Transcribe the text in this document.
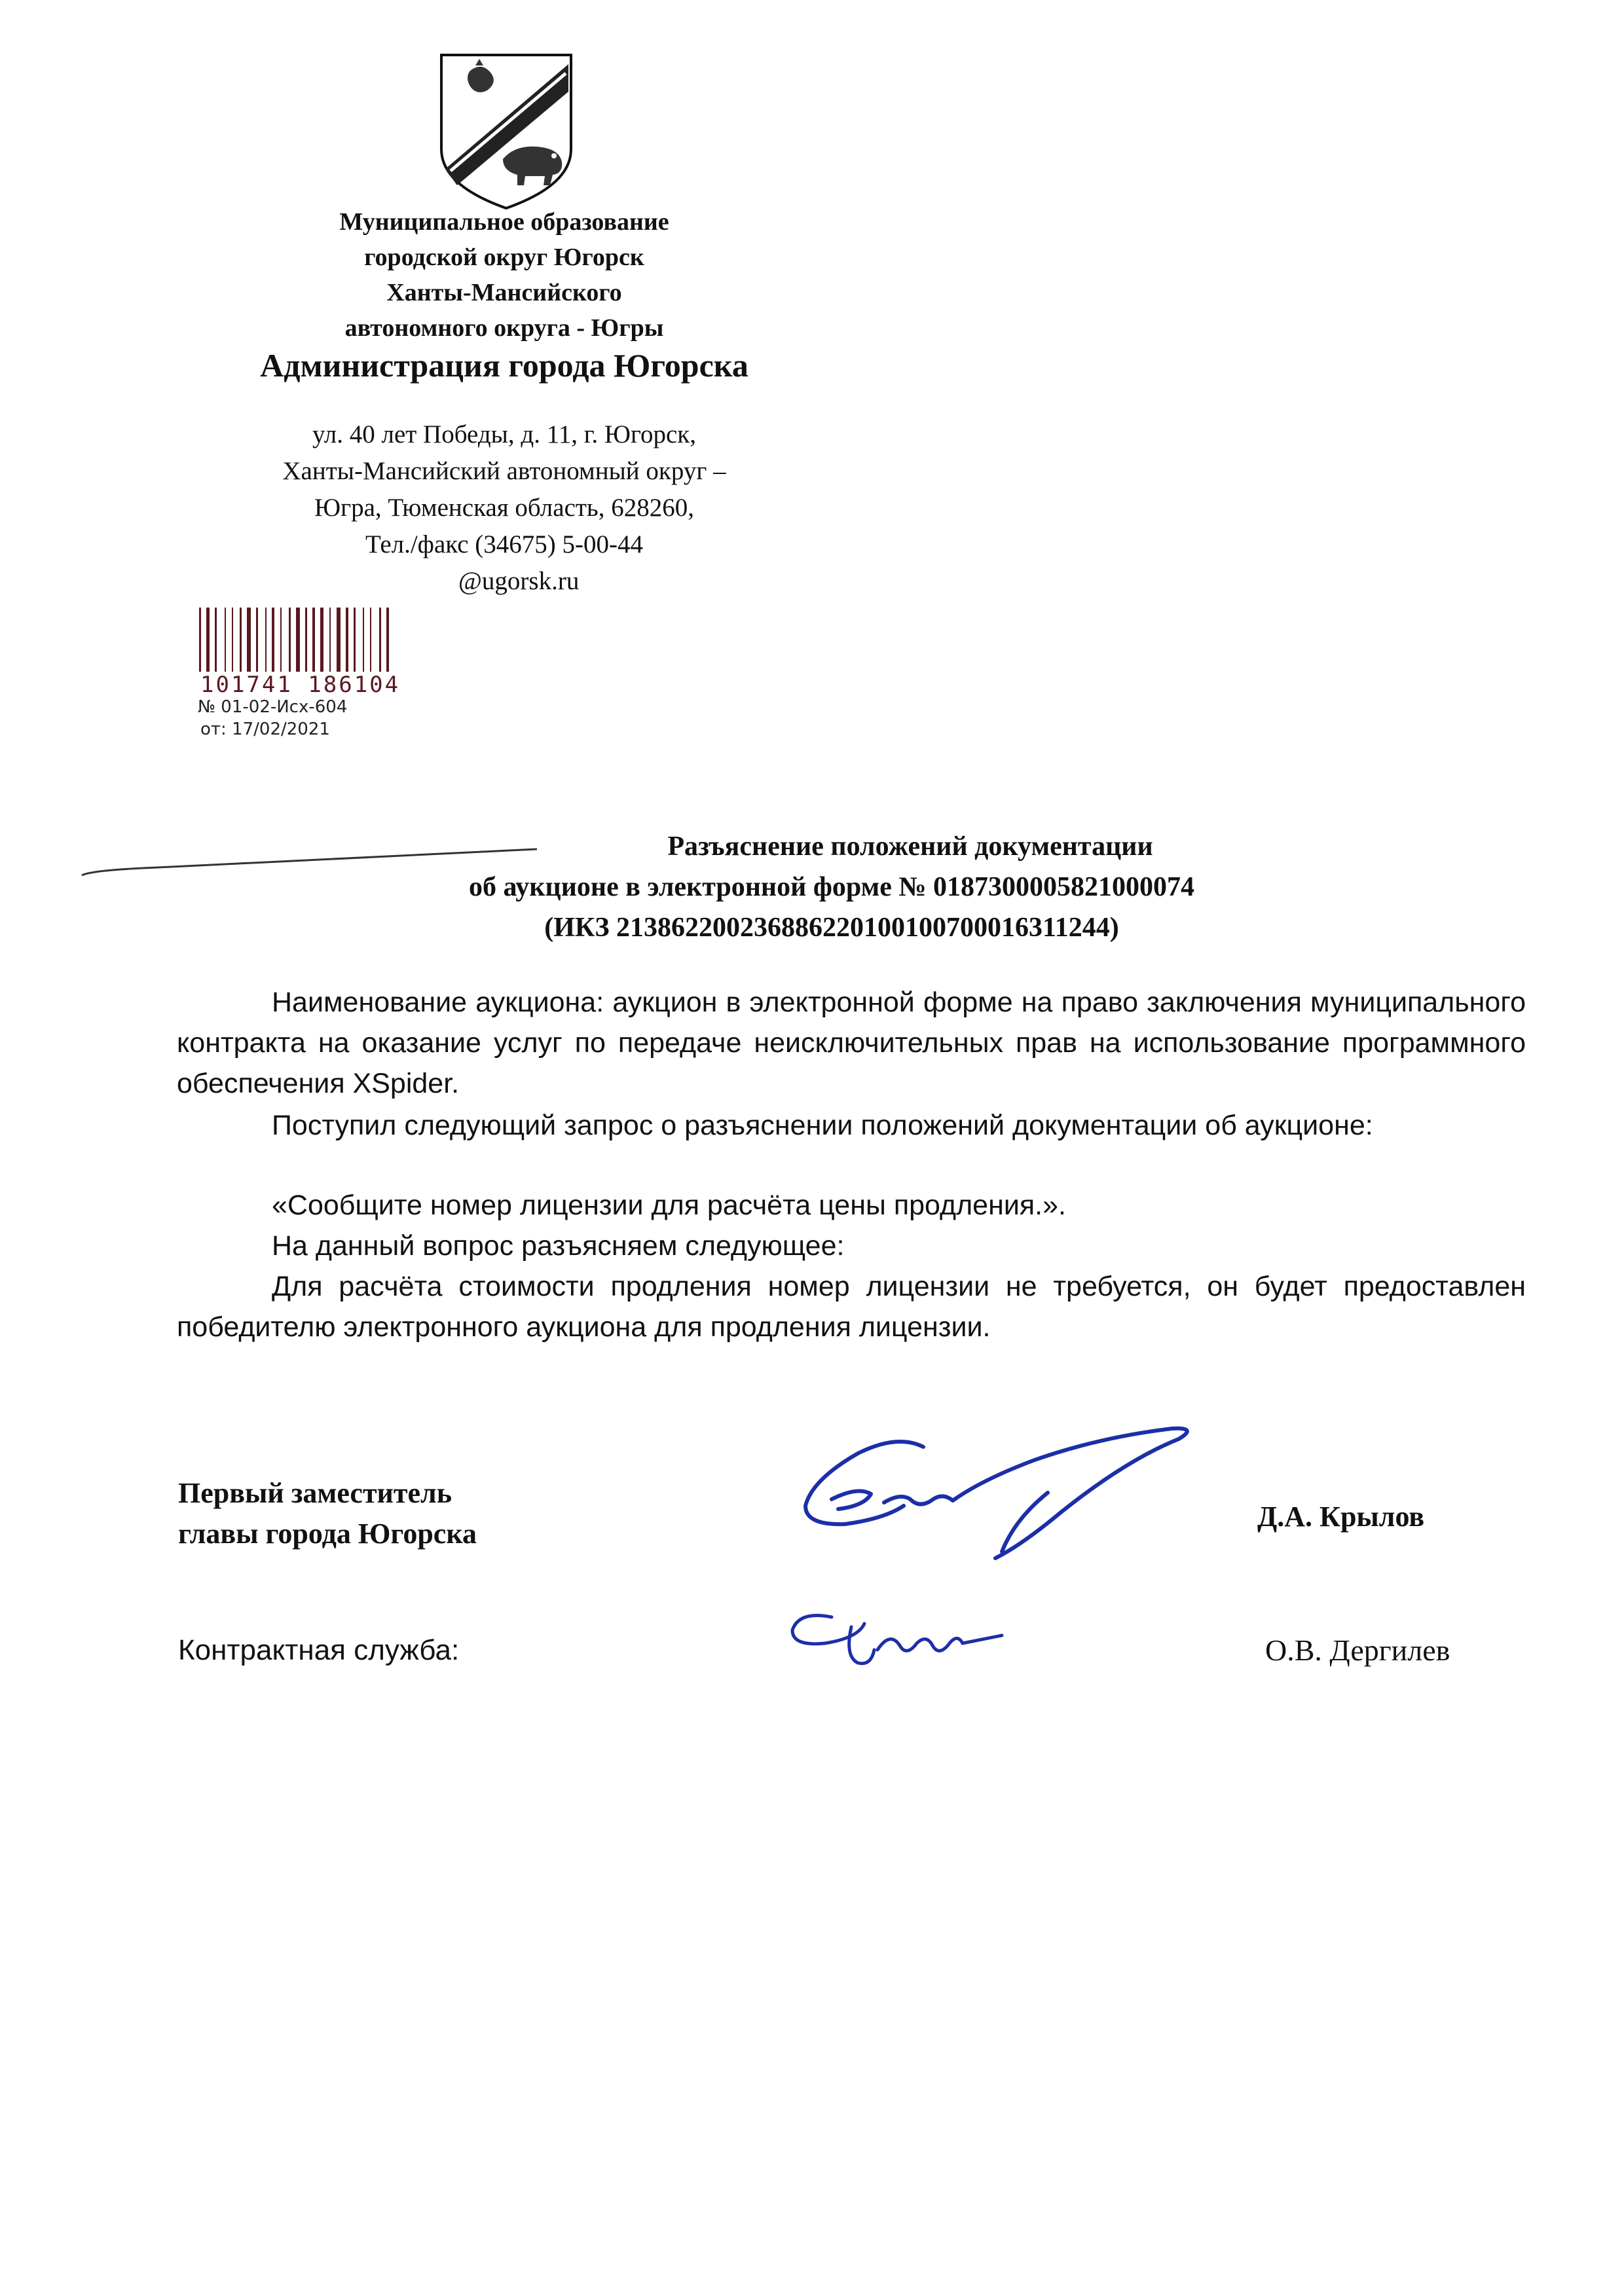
Муниципальное образование
городской округ Югорск
Ханты-Мансийского
автономного округа - Югры
Администрация города Югорска
ул. 40 лет Победы, д. 11, г. Югорск,
Ханты-Мансийский автономный округ –
Югра, Тюменская область, 628260,
Тел./факс (34675) 5-00-44
@ugorsk.ru
101741 186104
№ 01-02-Исх-604
от: 17/02/2021
Разъяснение положений документации
об аукционе в электронной форме № 0187300005821000074
(ИКЗ 213862200236886220100100700016311244)
Наименование аукциона: аукцион в электронной форме на право заключения муниципального контракта на оказание услуг по передаче неисключительных прав на использование программного обеспечения XSpider.
Поступил следующий запрос о разъяснении положений документации об аукционе:
«Сообщите номер лицензии для расчёта цены продления.».
На данный вопрос разъясняем следующее:
Для расчёта стоимости продления номер лицензии не требуется, он будет предоставлен победителю электронного аукциона для продления лицензии.
Первый заместитель
главы города Югорска
Д.А. Крылов
Контрактная служба:	О.В. Дергилев
